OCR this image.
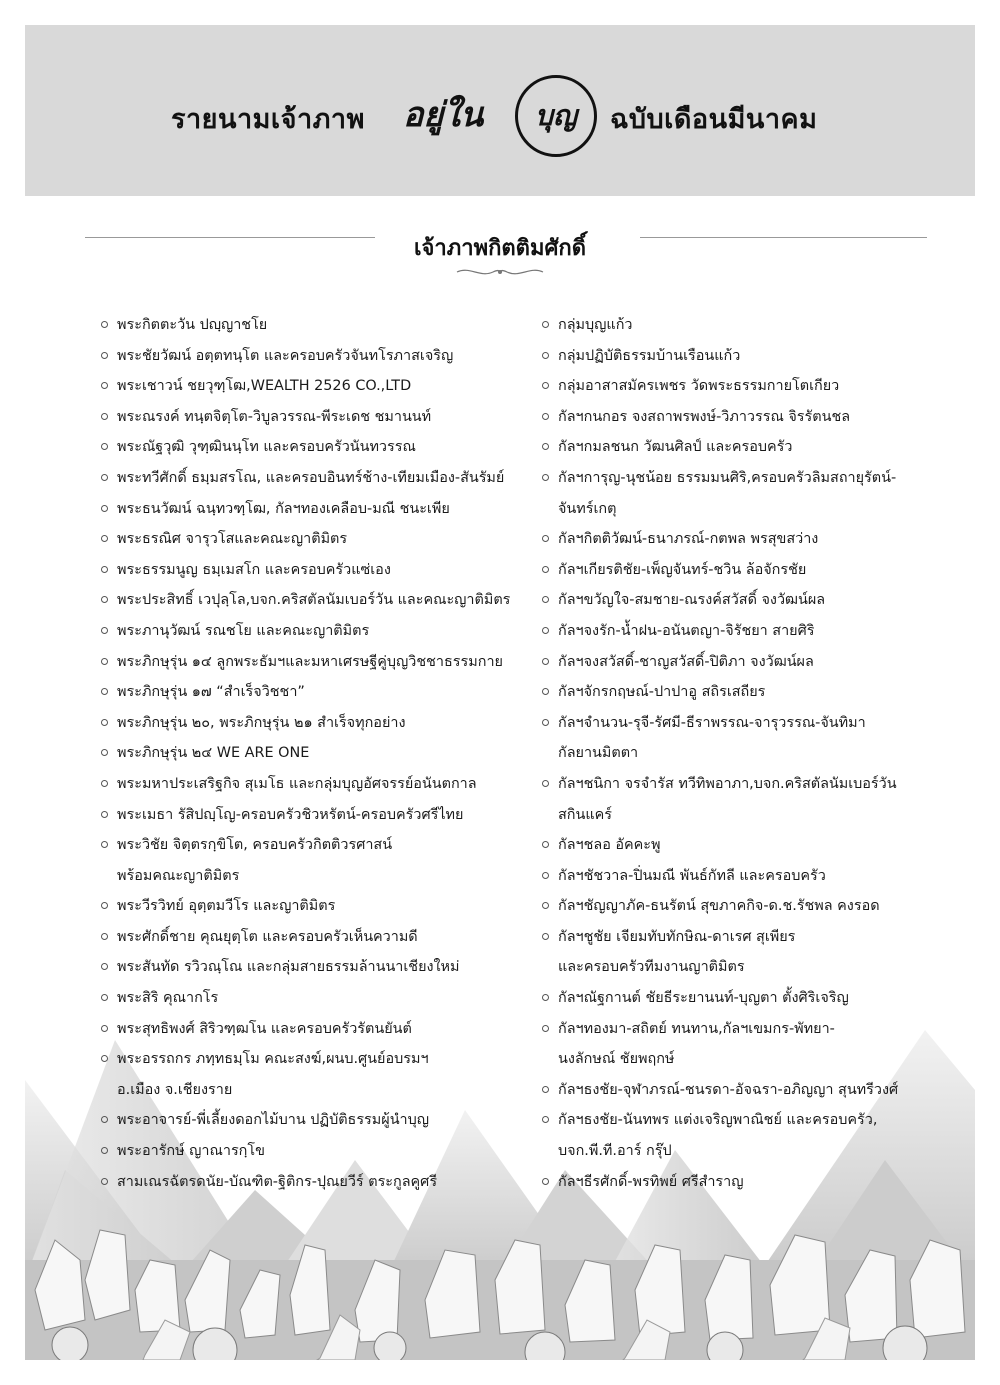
รายนามเจ้าภาพ อยู่ใน	บุญ	ฉบับเดือนมีนาคม
เจ้าภาพกิตติมศักดิ์
พระกิตตะวัน ปญฺญาชโย
พระชัยวัฒน์ อตฺตทนฺโต และครอบครัวจันทโรภาสเจริญ
พระเชาวน์ ชยวุฑฺโฒ,WEALTH 2526 CO.,LTD
พระณรงค์ ทนฺตจิตฺโต-วิบูลวรรณ-พีระเดช ชมานนท์
พระณัฐวุฒิ วุฑฺฒินนฺโท และครอบครัวนันทวรรณ
พระทวีศักดิ์ ธมฺมสรโณ, และครอบอินทร์ช้าง-เทียมเมือง-สันรัมย์
พระธนวัฒน์ ฉนฺทวฑฺโฒ, กัลฯทองเคลือบ-มณี ชนะเพีย
พระธรณิศ จารุวโสและคณะญาติมิตร
พระธรรมนูญ ธมฺเมสโก และครอบครัวแซ่เอง
พระประสิทธิ์ เวปุลฺโล,บจก.คริสตัลนัมเบอร์วัน และคณะญาติมิตร
พระภานุวัฒน์ รณชโย และคณะญาติมิตร
พระภิกษุรุ่น ๑๔ ลูกพระธัมฯและมหาเศรษฐีคู่บุญวิชชาธรรมกาย
พระภิกษุรุ่น ๑๗ “สำเร็จวิชชา”
พระภิกษุรุ่น ๒๐, พระภิกษุรุ่น ๒๑ สำเร็จทุกอย่าง
พระภิกษุรุ่น ๒๔ WE ARE ONE
พระมหาประเสริฐกิจ สุเมโธ และกลุ่มบุญอัศจรรย์อนันตกาล
พระเมธา รัสิปญฺโญ-ครอบครัวชิวหรัตน์-ครอบครัวศรีไทย
พระวิชัย จิตฺตรกฺขิโต, ครอบครัวกิตติวรศาสน์
พร้อมคณะญาติมิตร
พระวีรวิทย์ อุตฺตมวีโร และญาติมิตร
พระศักดิ์ชาย คุณยุตฺโต และครอบครัวเห็นความดี
พระสันทัด รวิวณฺโณ และกลุ่มสายธรรมล้านนาเชียงใหม่
พระสิริ คุณากโร
พระสุทธิพงศ์ สิริวฑฺฒโน และครอบครัวรัตนยันต์
พระอรรถกร ภทฺทธมฺโม คณะสงฆ์,ผนบ.ศูนย์อบรมฯ
อ.เมือง จ.เชียงราย
พระอาจารย์-พี่เลี้ยงดอกไม้บาน ปฏิบัติธรรมผู้นำบุญ
พระอารักษ์ ญาณารกฺโข
สามเณรฉัตรดนัย-บัณฑิต-ฐิติกร-ปุณยวีร์ ตระกูลคูศรี
กลุ่มบุญแก้ว
กลุ่มปฏิบัติธรรมบ้านเรือนแก้ว
กลุ่มอาสาสมัครเพชร วัดพระธรรมกายโตเกียว
กัลฯกนกอร จงสถาพรพงษ์-วิภาวรรณ จิรรัตนชล
กัลฯกมลชนก วัฒนศิลป์ และครอบครัว
กัลฯการุญ-นุชน้อย ธรรมมนศิริ,ครอบครัวลิมสถายุรัตน์-
จันทร์เกตุ
กัลฯกิตติวัฒน์-ธนาภรณ์-กตพล พรสุขสว่าง
กัลฯเกียรติชัย-เพ็ญจันทร์-ชวิน ล้อจักรชัย
กัลฯขวัญใจ-สมชาย-ณรงค์สวัสดิ์ จงวัฒน์ผล
กัลฯจงรัก-น้ำฝน-อนันตญา-จิรัชยา สายศิริ
กัลฯจงสวัสดิ์-ชาญสวัสดิ์-ปิติภา จงวัฒน์ผล
กัลฯจักรกฤษณ์-ปาปาอู สถิรเสถียร
กัลฯจำนวน-รุจี-รัศมี-ธีราพรรณ-จารุวรรณ-จันทิมา
กัลยานมิตตา
กัลฯชนิกา จรจำรัส ทวีทิพอาภา,บจก.คริสตัลนัมเบอร์วัน
สกินแคร์
กัลฯชลอ อัคคะพู
กัลฯชัชวาล-ปิ่นมณี พันธ์กัทลี และครอบครัว
กัลฯชัญญาภัค-ธนรัตน์ สุขภาคกิจ-ด.ช.รัชพล คงรอด
กัลฯชูชัย เจียมทับทักษิณ-ดาเรศ สุเพียร
และครอบครัวทีมงานญาติมิตร
กัลฯณัฐกานต์ ชัยธีระยานนท์-บุญตา ตั้งศิริเจริญ
กัลฯทองมา-สถิตย์ ทนทาน,กัลฯเขมกร-พัทยา-
นงลักษณ์ ชัยพฤกษ์
กัลฯธงชัย-จุฬาภรณ์-ชนรดา-อัจฉรา-อภิญญา สุนทรีวงศ์
กัลฯธงชัย-นันทพร แต่งเจริญพาณิชย์ และครอบครัว,
บจก.พี.ที.อาร์ กรุ๊ป
กัลฯธีรศักดิ์-พรทิพย์ ศรีสำราญ
